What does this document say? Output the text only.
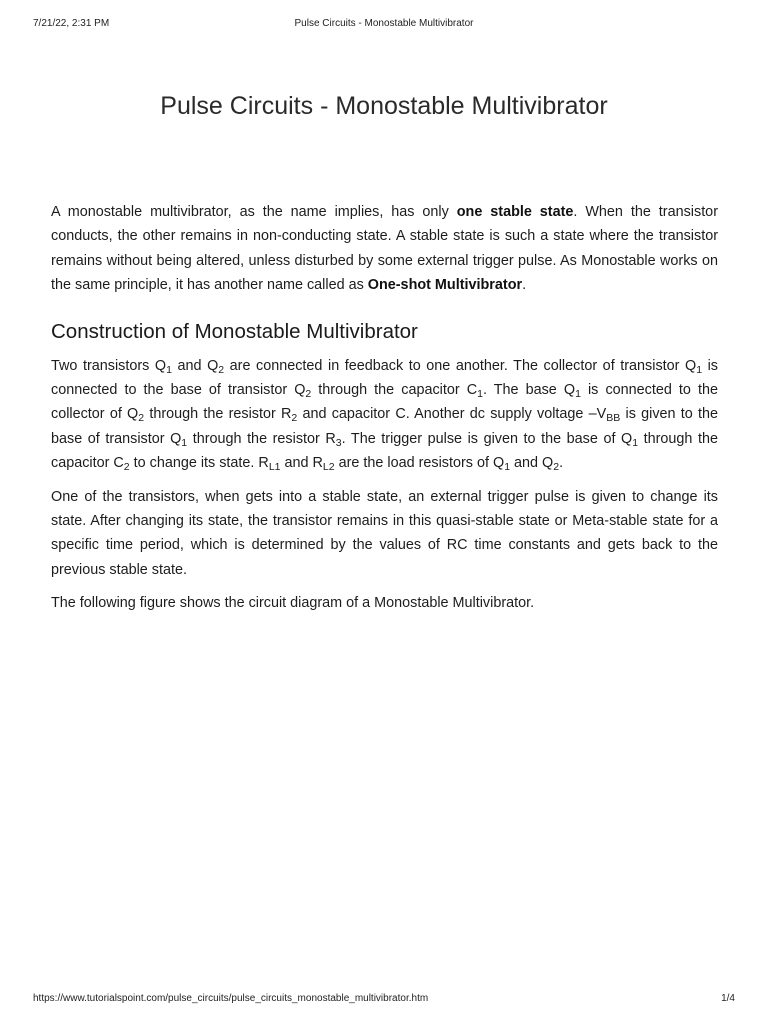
7/21/22, 2:31 PM	Pulse Circuits - Monostable Multivibrator
Pulse Circuits - Monostable Multivibrator

A monostable multivibrator, as the name implies, has only one stable state. When the transistor conducts, the other remains in non-conducting state. A stable state is such a state where the transistor remains without being altered, unless disturbed by some external trigger pulse. As Monostable works on the same principle, it has another name called as One-shot Multivibrator.

Construction of Monostable Multivibrator

Two transistors $Q_1$ and $Q_2$ are connected in feedback to one another. The collector of transistor $Q_1$ is connected to the base of transistor $Q_2$ through the capacitor $C_1$. The base $Q_1$ is connected to the collector of $Q_2$ through the resistor $R_2$ and capacitor C. Another dc supply voltage $-V_{BB}$ is given to the base of transistor $Q_1$ through the resistor $R_3$. The trigger pulse is given to the base of $Q_1$ through the capacitor $C_2$ to change its state. $R_{L1}$ and $R_{L2}$ are the load resistors of $Q_1$ and $Q_2$.

One of the transistors, when gets into a stable state, an external trigger pulse is given to change its state. After changing its state, the transistor remains in this quasi-stable state or Meta-stable state for a specific time period, which is determined by the values of RC time constants and gets back to the previous stable state.

The following figure shows the circuit diagram of a Monostable Multivibrator.

https://www.tutorialspoint.com/pulse_circuits/pulse_circuits_monostable_multivibrator.htm	1/4
